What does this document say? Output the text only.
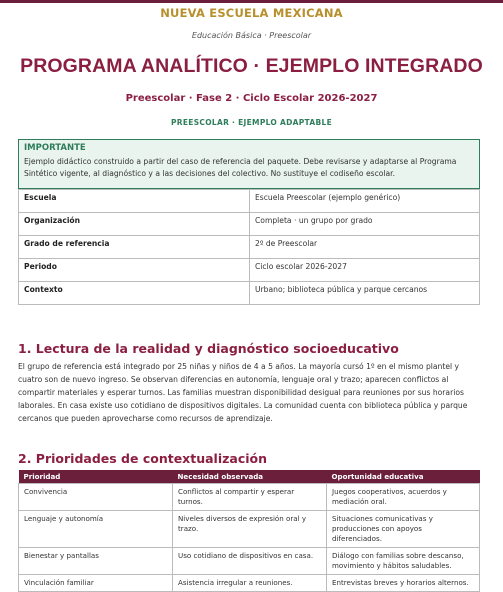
NUEVA ESCUELA MEXICANA
Educación Básica · Preescolar
PROGRAMA ANALÍTICO · EJEMPLO INTEGRADO
Preescolar · Fase 2 · Ciclo Escolar 2026-2027
PREESCOLAR · EJEMPLO ADAPTABLE
IMPORTANTE
Ejemplo didáctico construido a partir del caso de referencia del paquete. Debe revisarse y adaptarse al Programa Sintético vigente, al diagnóstico y a las decisiones del colectivo. No sustituye el codiseño escolar.
Escuela	Escuela Preescolar (ejemplo genérico)
Organización	Completa · un grupo por grado
Grado de referencia	2º de Preescolar
Periodo	Ciclo escolar 2026-2027
Contexto	Urbano; biblioteca pública y parque cercanos
1. Lectura de la realidad y diagnóstico socioeducativo
El grupo de referencia está integrado por 25 niñas y niños de 4 a 5 años. La mayoría cursó 1º en el mismo plantel y cuatro son de nuevo ingreso. Se observan diferencias en autonomía, lenguaje oral y trazo; aparecen conflictos al compartir materiales y esperar turnos. Las familias muestran disponibilidad desigual para reuniones por sus horarios laborales. En casa existe uso cotidiano de dispositivos digitales. La comunidad cuenta con biblioteca pública y parque cercanos que pueden aprovecharse como recursos de aprendizaje.
2. Prioridades de contextualización
Prioridad	Necesidad observada	Oportunidad educativa
Convivencia	Conflictos al compartir y esperar turnos.	Juegos cooperativos, acuerdos y mediación oral.
Lenguaje y autonomía	Niveles diversos de expresión oral y trazo.	Situaciones comunicativas y producciones con apoyos diferenciados.
Bienestar y pantallas	Uso cotidiano de dispositivos en casa.	Diálogo con familias sobre descanso, movimiento y hábitos saludables.
Vinculación familiar	Asistencia irregular a reuniones.	Entrevistas breves y horarios alternos.
